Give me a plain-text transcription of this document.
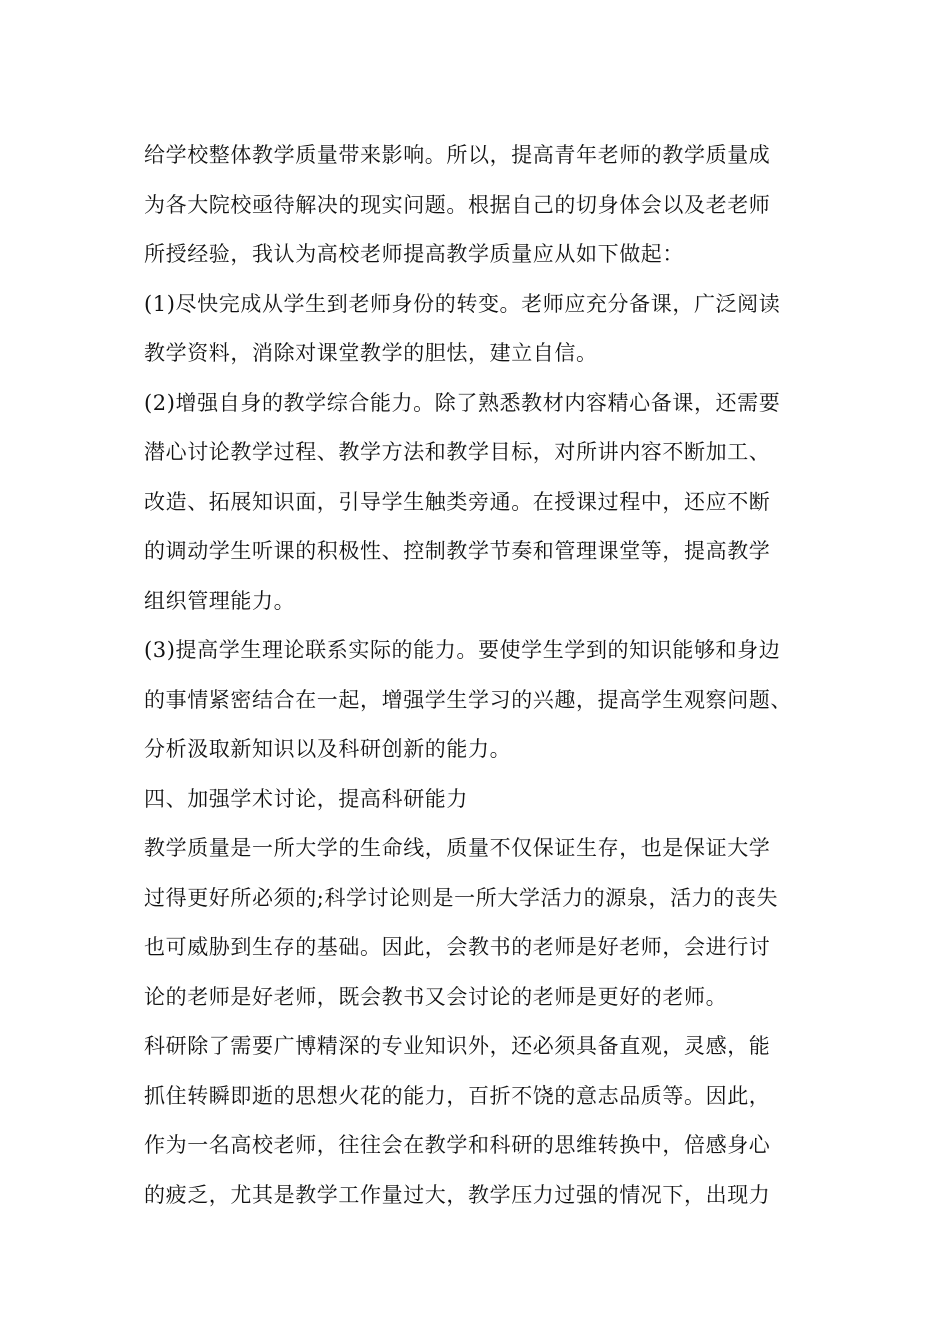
给学校整体教学质量带来影响。所以，提高青年老师的教学质量成
为各大院校亟待解决的现实问题。根据自己的切身体会以及老老师
所授经验，我认为高校老师提高教学质量应从如下做起：
(1)尽快完成从学生到老师身份的转变。老师应充分备课，广泛阅读
教学资料，消除对课堂教学的胆怯，建立自信。
(2)增强自身的教学综合能力。除了熟悉教材内容精心备课，还需要
潜心讨论教学过程、教学方法和教学目标，对所讲内容不断加工、
改造、拓展知识面，引导学生触类旁通。在授课过程中，还应不断
的调动学生听课的积极性、控制教学节奏和管理课堂等，提高教学
组织管理能力。
(3)提高学生理论联系实际的能力。要使学生学到的知识能够和身边
的事情紧密结合在一起，增强学生学习的兴趣，提高学生观察问题、
分析汲取新知识以及科研创新的能力。
四、加强学术讨论，提高科研能力
教学质量是一所大学的生命线，质量不仅保证生存，也是保证大学
过得更好所必须的;科学讨论则是一所大学活力的源泉，活力的丧失
也可威胁到生存的基础。因此，会教书的老师是好老师，会进行讨
论的老师是好老师，既会教书又会讨论的老师是更好的老师。
科研除了需要广博精深的专业知识外，还必须具备直观，灵感，能
抓住转瞬即逝的思想火花的能力，百折不饶的意志品质等。因此，
作为一名高校老师，往往会在教学和科研的思维转换中，倍感身心
的疲乏，尤其是教学工作量过大，教学压力过强的情况下，出现力
